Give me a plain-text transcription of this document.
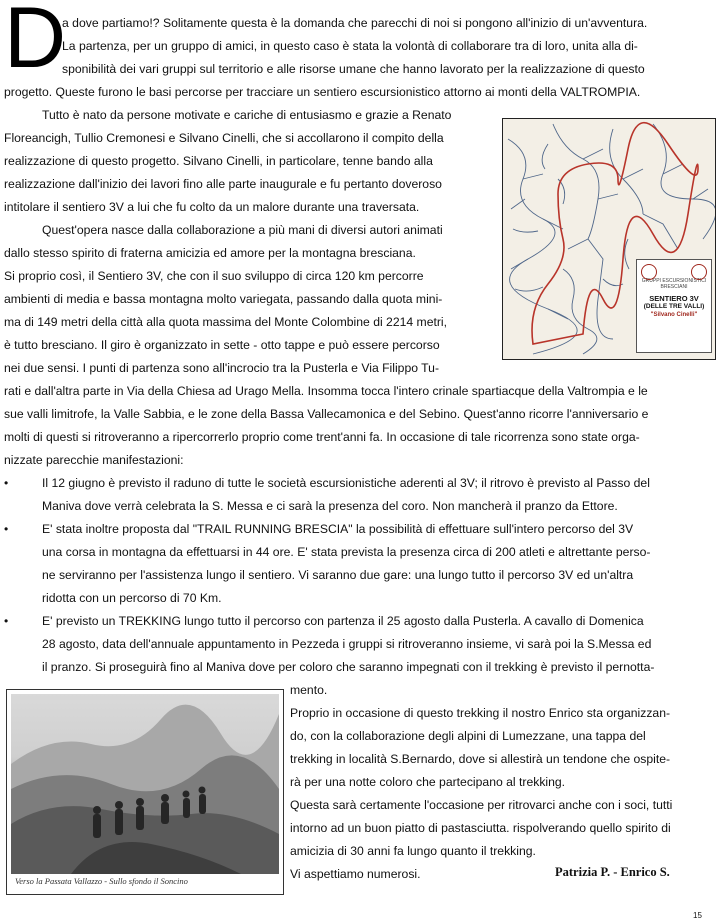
D
a dove partiamo!? Solitamente questa è la domanda che parecchi di noi si pongono all'inizio di un'avventura.
La partenza, per un gruppo di amici, in questo caso è stata la volontà di collaborare tra di loro, unita alla di-
sponibilità dei vari gruppi sul territorio e alle risorse umane che hanno lavorato per la realizzazione di questo
progetto. Queste furono le basi percorse per tracciare un sentiero escursionistico attorno ai monti della VALTROMPIA.
Tutto è nato da persone motivate e cariche di entusiasmo e grazie a Renato
Floreancigh, Tullio Cremonesi e Silvano Cinelli, che si accollarono il compito della
realizzazione di questo progetto. Silvano Cinelli, in particolare, tenne bando alla
realizzazione dall'inizio dei lavori fino alle parte inaugurale e fu pertanto doveroso
intitolare il sentiero 3V a lui che fu colto da un malore durante una traversata.
Quest'opera nasce dalla collaborazione a più mani di diversi autori animati
dallo stesso spirito di fraterna amicizia ed amore per la montagna bresciana.
Si proprio così, il Sentiero 3V, che con il suo sviluppo di circa 120 km percorre
ambienti di media e bassa montagna molto variegata, passando dalla quota mini-
ma di 149 metri della città alla quota massima del Monte Colombine di 2214 metri,
è tutto bresciano. Il giro è organizzato in sette - otto tappe e può essere percorso
nei due sensi. I punti di partenza sono all'incrocio tra la Pusterla e Via Filippo Tu-
rati e dall'altra parte in Via della Chiesa ad Urago Mella. Insomma tocca l'intero crinale spartiacque della Valtrompia e le
sue valli limitrofe, la Valle Sabbia, e le zone della Bassa Vallecamonica e del Sebino. Quest'anno ricorre l'anniversario e
molti di questi si ritroveranno a ripercorrerlo proprio come trent'anni fa. In occasione di tale ricorrenza sono state orga-
nizzate parecchie manifestazioni:
•	Il 12 giugno è previsto il raduno di tutte le società escursionistiche aderenti al 3V; il ritrovo è previsto al Passo del
Maniva dove verrà celebrata la S. Messa e ci sarà la presenza del coro. Non mancherà il pranzo da Ettore.
•	E' stata inoltre proposta dal "TRAIL RUNNING BRESCIA" la possibilità di effettuare sull'intero percorso del 3V
una corsa in montagna da effettuarsi in 44 ore. E' stata prevista la presenza circa di 200 atleti e altrettante perso-
ne serviranno per l'assistenza lungo il sentiero. Vi saranno due gare: una lungo tutto il percorso 3V ed un'altra
ridotta con un percorso di 70 Km.
•	E' previsto un TREKKING lungo tutto il percorso con partenza il 25 agosto dalla Pusterla. A cavallo di Domenica
28 agosto, data dell'annuale appuntamento in Pezzeda i gruppi si ritroveranno insieme, vi sarà poi la S.Messa ed
il pranzo. Si proseguirà fino al Maniva dove per coloro che saranno impegnati con il trekking è previsto il pernotta-
mento.
Proprio in occasione di questo trekking il nostro Enrico sta organizzan-
do, con la collaborazione degli alpini di Lumezzane, una tappa del
trekking in località S.Bernardo, dove si allestirà un tendone che ospite-
rà per una notte coloro che partecipano al trekking.
Questa sarà certamente l'occasione per ritrovarci anche con i soci, tutti
intorno ad un buon piatto di pastasciutta. rispolverando quello spirito di
amicizia di 30 anni fa lungo quanto il trekking.
Vi aspettiamo numerosi.
GRUPPI ESCURSIONISTICI BRESCIANI
SENTIERO 3V
(DELLE TRE VALLI)
"Silvano Cinelli"
Verso la Passata Vallazzo - Sullo sfondo il Soncino
Patrizia P. - Enrico S.
15
